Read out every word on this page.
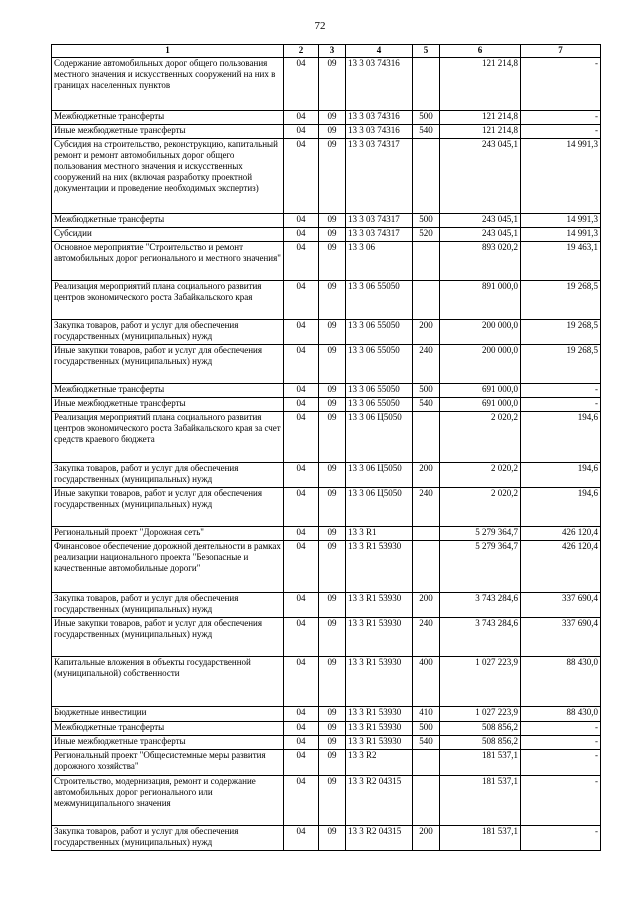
72
1	2	3	4	5	6	7
Содержание автомобильных дорог общего пользования местного значения и искусственных сооружений на них в границах населенных пунктов	04	09	13 3 03 74316		121 214,8	-
Межбюджетные трансферты	04	09	13 3 03 74316	500	121 214,8	-
Иные межбюджетные трансферты	04	09	13 3 03 74316	540	121 214,8	-
Субсидия на строительство, реконструкцию, капитальный ремонт и ремонт автомобильных дорог общего пользования местного значения и искусственных сооружений на них (включая разработку проектной документации и проведение необходимых экспертиз)	04	09	13 3 03 74317		243 045,1	14 991,3
Межбюджетные трансферты	04	09	13 3 03 74317	500	243 045,1	14 991,3
Субсидии	04	09	13 3 03 74317	520	243 045,1	14 991,3
Основное мероприятие "Строительство и ремонт автомобильных дорог регионального и местного значения"	04	09	13 3 06		893 020,2	19 463,1
Реализация мероприятий плана социального развития центров экономического роста Забайкальского края	04	09	13 3 06 55050		891 000,0	19 268,5
Закупка товаров, работ и услуг для обеспечения государственных (муниципальных) нужд	04	09	13 3 06 55050	200	200 000,0	19 268,5
Иные закупки товаров, работ и услуг для обеспечения государственных (муниципальных) нужд	04	09	13 3 06 55050	240	200 000,0	19 268,5
Межбюджетные трансферты	04	09	13 3 06 55050	500	691 000,0	-
Иные межбюджетные трансферты	04	09	13 3 06 55050	540	691 000,0	-
Реализация мероприятий плана социального развития центров экономического роста Забайкальского края за счет средств краевого бюджета	04	09	13 3 06 Ц5050		2 020,2	194,6
Закупка товаров, работ и услуг для обеспечения государственных (муниципальных) нужд	04	09	13 3 06 Ц5050	200	2 020,2	194,6
Иные закупки товаров, работ и услуг для обеспечения государственных (муниципальных) нужд	04	09	13 3 06 Ц5050	240	2 020,2	194,6
Региональный проект "Дорожная сеть"	04	09	13 3 R1		5 279 364,7	426 120,4
Финансовое обеспечение дорожной деятельности в рамках реализации национального проекта "Безопасные и качественные автомобильные дороги"	04	09	13 3 R1 53930		5 279 364,7	426 120,4
Закупка товаров, работ и услуг для обеспечения государственных (муниципальных) нужд	04	09	13 3 R1 53930	200	3 743 284,6	337 690,4
Иные закупки товаров, работ и услуг для обеспечения государственных (муниципальных) нужд	04	09	13 3 R1 53930	240	3 743 284,6	337 690,4
Капитальные вложения в объекты государственной (муниципальной) собственности	04	09	13 3 R1 53930	400	1 027 223,9	88 430,0
Бюджетные инвестиции	04	09	13 3 R1 53930	410	1 027 223,9	88 430,0
Межбюджетные трансферты	04	09	13 3 R1 53930	500	508 856,2	-
Иные межбюджетные трансферты	04	09	13 3 R1 53930	540	508 856,2	-
Региональный проект "Общесистемные меры развития дорожного хозяйства"	04	09	13 3 R2		181 537,1	-
Строительство, модернизация, ремонт и содержание автомобильных дорог регионального или межмуниципального значения	04	09	13 3 R2 04315		181 537,1	-
Закупка товаров, работ и услуг для обеспечения государственных (муниципальных) нужд	04	09	13 3 R2 04315	200	181 537,1	-
